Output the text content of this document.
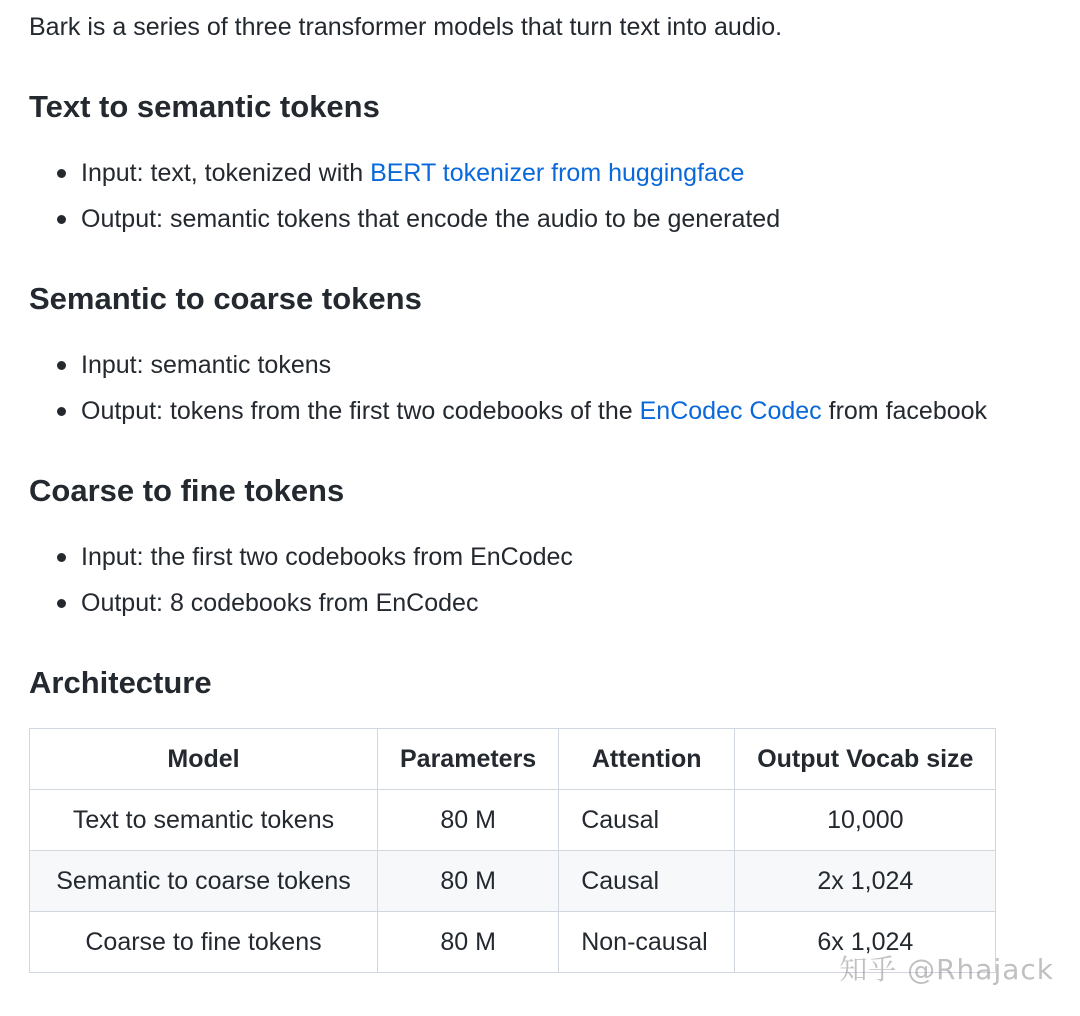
Bark is a series of three transformer models that turn text into audio.

Text to semantic tokens
Input: text, tokenized with BERT tokenizer from huggingface
Output: semantic tokens that encode the audio to be generated
Semantic to coarse tokens
Input: semantic tokens
Output: tokens from the first two codebooks of the EnCodec Codec from facebook
Coarse to fine tokens
Input: the first two codebooks from EnCodec
Output: 8 codebooks from EnCodec
Architecture
Model	Parameters	Attention	Output Vocab size
Text to semantic tokens	80 M	Causal	10,000
Semantic to coarse tokens	80 M	Causal	2x 1,024
Coarse to fine tokens	80 M	Non-causal	6x 1,024
知乎 @Rhajack
